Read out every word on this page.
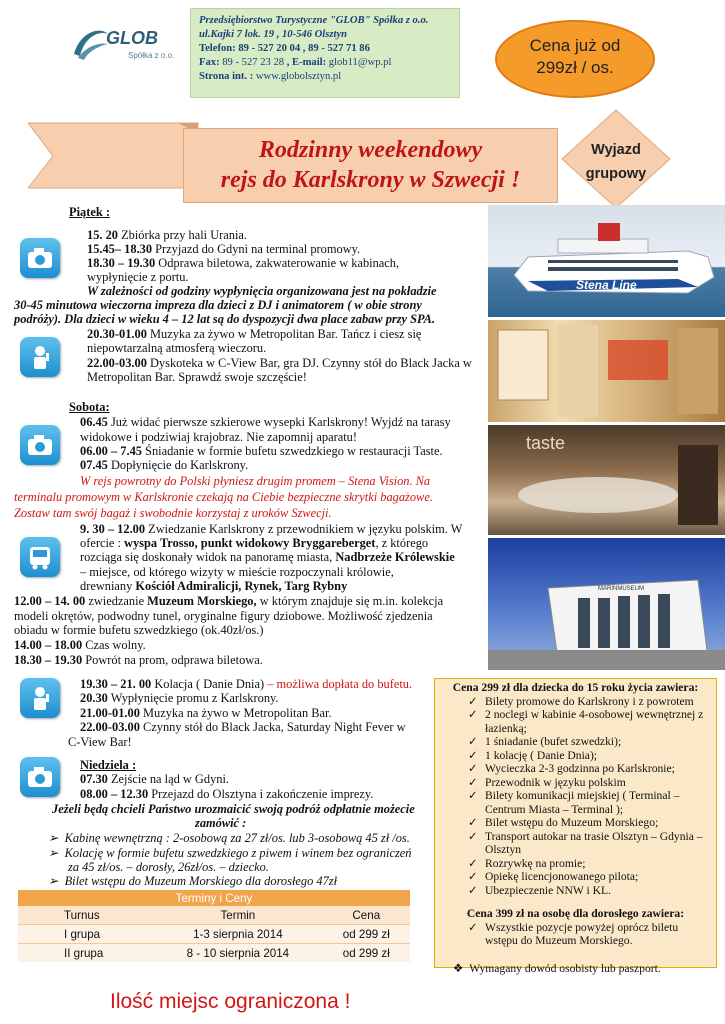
GLOB
Spółka z o.o.
Przedsiębiorstwo Turystyczne "GLOB" Spółka z o.o.
ul.Kajki 7 lok. 19 , 10-546 Olsztyn
Telefon: 89 - 527 20 04 , 89 - 527 71 86
Fax: 89 - 527 23 28 , E-mail: glob11@wp.pl
Strona int. : www.globolsztyn.pl
Cena już od
299zł / os.
Rodzinny weekendowy
rejs do Karlskrony w Szwecji !
Wyjazd
grupowy
Stena Line
taste
MARINMUSEUM
Piątek :
15. 20 Zbiórka przy hali Urania.
15.45– 18.30 Przyjazd do Gdyni na terminal promowy.
18.30 – 19.30 Odprawa biletowa, zakwaterowanie w kabinach,
wypłynięcie z portu.
W zależności od godziny wypłynięcia organizowana jest na pokładzie
30-45 minutowa wieczorna impreza dla dzieci z DJ i animatorem ( w obie strony
podróży). Dla dzieci w wieku 4 – 12 lat są do dyspozycji dwa place zabaw przy SPA.
20.30-01.00 Muzyka za żywo w Metropolitan Bar. Tańcz i ciesz się
niepowtarzalną atmosferą wieczoru.
22.00-03.00 Dyskoteka w C-View Bar, gra DJ. Czynny stół do Black Jacka w
Metropolitan Bar. Sprawdź swoje szczęście!
Sobota:
06.45 Już widać pierwsze szkierowe wysepki Karlskrony! Wyjdź na tarasy
widokowe i podziwiaj krajobraz. Nie zapomnij aparatu!
06.00 – 7.45 Śniadanie w formie bufetu szwedzkiego w restauracji Taste.
07.45 Dopłynięcie do Karlskrony.
W rejs powrotny do Polski płyniesz drugim promem – Stena Vision. Na
terminalu promowym w Karlskronie czekają na Ciebie bezpieczne skrytki bagażowe.
Zostaw tam swój bagaż i swobodnie korzystaj z uroków Szwecji.
9. 30 – 12.00 Zwiedzanie Karlskrony z przewodnikiem w języku polskim. W
ofercie : wyspa Trosso, punkt widokowy Bryggareberget, z którego
rozciąga się doskonały widok na panoramę miasta, Nadbrzeże Królewskie
– miejsce, od którego wizyty w mieście rozpoczynali królowie,
drewniany Kościół Admiralicji, Rynek, Targ Rybny
12.00 – 14. 00 zwiedzanie Muzeum Morskiego, w którym znajduje się m.in. kolekcja
modeli okrętów, podwodny tunel, oryginalne figury dziobowe. Możliwość zjedzenia
obiadu w formie bufetu szwedzkiego (ok.40zł/os.)
14.00 – 18.00 Czas wolny.
18.30 – 19.30 Powrót na prom, odprawa biletowa.
19.30 – 21. 00 Kolacja ( Danie Dnia) – możliwa dopłata do bufetu.
20.30 Wypłynięcie promu z Karlskrony.
21.00-01.00 Muzyka na żywo w Metropolitan Bar.
22.00-03.00 Czynny stół do Black Jacka, Saturday Night Fever w
C-View Bar!
Niedziela :
07.30 Zejście na ląd w Gdyni.
08.00 – 12.30 Przejazd do Olsztyna i zakończenie imprezy.
Jeżeli będą chcieli Państwo urozmaicić swoją podróż odpłatnie możecie
zamówić :
➢  Kabinę wewnętrzną : 2-osobową za 27 zł/os. lub 3-osobową 45 zł /os.
➢  Kolację w formie bufetu szwedzkiego z piwem i winem bez ograniczeń
za 45 zł/os. – dorosły, 26zł/os. – dziecko.
➢  Bilet wstępu do Muzeum Morskiego dla dorosłego 47zł
Cena 299 zł dla dziecka do 15 roku życia zawiera:
✓ Bilety promowe do Karlskrony i z powrotem
✓ 2 noclegi w kabinie 4-osobowej wewnętrznej z
łazienką;
✓ 1 śniadanie (bufet szwedzki);
✓ 1 kolację ( Danie Dnia);
✓ Wycieczka 2-3 godzinna po Karlskronie;
✓ Przewodnik w języku polskim
✓ Bilety komunikacji miejskiej ( Terminal –
Centrum Miasta – Terminal );
✓ Bilet wstępu do Muzeum Morskiego;
✓ Transport autokar na trasie Olsztyn – Gdynia –
Olsztyn
✓ Rozrywkę na promie;
✓ Opiekę licencjonowanego pilota;
✓ Ubezpieczenie NNW i KL.
Cena 399 zł na osobę dla dorosłego zawiera:
✓ Wszystkie pozycje powyżej oprócz biletu
wstępu do Muzeum Morskiego.
❖  Wymagany dowód osobisty lub paszport.
Terminy i Ceny		
Turnus	Termin	Cena
I grupa	1-3 sierpnia 2014	od 299 zł
II grupa	8 - 10 sierpnia 2014	od 299 zł
Ilość miejsc ograniczona !
